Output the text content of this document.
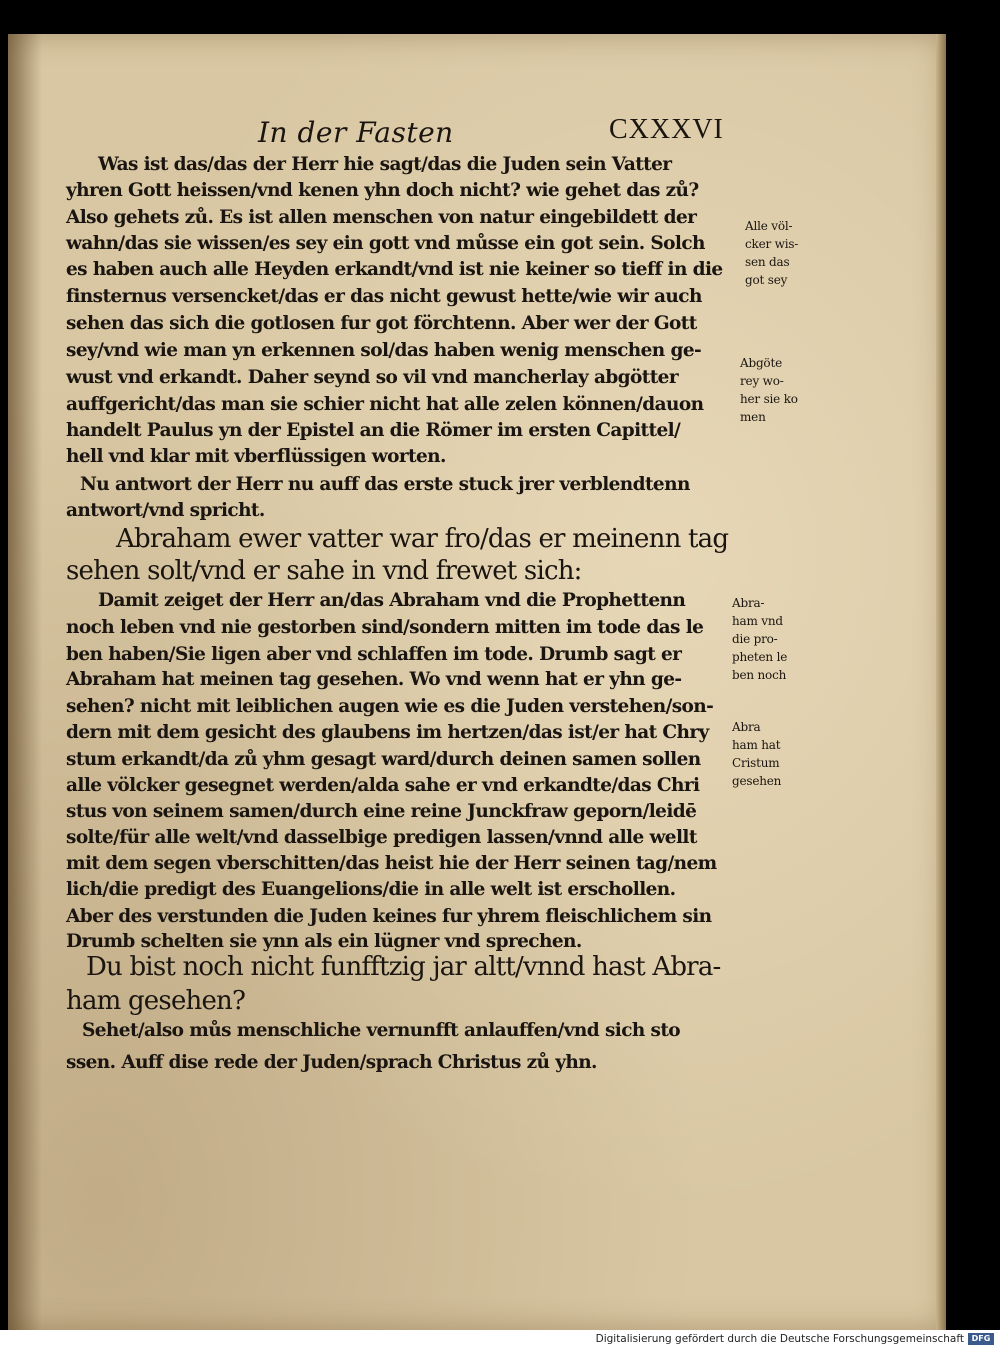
In der Fasten	CXXXVI
Was ist das/das der Herr hie sagt/das die Juden sein Vatter
yhren Gott heissen/vnd kenen yhn doch nicht? wie gehet das zů?
Also gehets zů. Es ist allen menschen von natur eingebildett der
wahn/das sie wissen/es sey ein gott vnd můsse ein got sein. Solch
es haben auch alle Heyden erkandt/vnd ist nie keiner so tieff in die
finsternus versencket/das er das nicht gewust hette/wie wir auch
sehen das sich die gotlosen fur got förchtenn. Aber wer der Gott
sey/vnd wie man yn erkennen sol/das haben wenig menschen ge-
wust vnd erkandt. Daher seynd so vil vnd mancherlay abgötter
auffgericht/das man sie schier nicht hat alle zelen können/dauon
handelt Paulus yn der Epistel an die Römer im ersten Capittel/
hell vnd klar mit vberflüssigen worten.
Nu antwort der Herr nu auff das erste stuck jrer verblendtenn
antwort/vnd spricht.
Abraham ewer vatter war fro/das er meinenn tag
sehen solt/vnd er sahe in vnd frewet sich:
Damit zeiget der Herr an/das Abraham vnd die Prophettenn
noch leben vnd nie gestorben sind/sondern mitten im tode das le
ben haben/Sie ligen aber vnd schlaffen im tode. Drumb sagt er
Abraham hat meinen tag gesehen. Wo vnd wenn hat er yhn ge-
sehen? nicht mit leiblichen augen wie es die Juden verstehen/son-
dern mit dem gesicht des glaubens im hertzen/das ist/er hat Chry
stum erkandt/da zů yhm gesagt ward/durch deinen samen sollen
alle völcker gesegnet werden/alda sahe er vnd erkandte/das Chri
stus von seinem samen/durch eine reine Junckfraw geporn/leidē
solte/für alle welt/vnd dasselbige predigen lassen/vnnd alle wellt
mit dem segen vberschitten/das heist hie der Herr seinen tag/nem
lich/die predigt des Euangelions/die in alle welt ist erschollen.
Aber des verstunden die Juden keines fur yhrem fleischlichem sin
Drumb schelten sie ynn als ein lügner vnd sprechen.
Du bist noch nicht funfftzig jar altt/vnnd hast Abra-
ham gesehen?
Sehet/also můs menschliche vernunfft anlauffen/vnd sich sto
ssen. Auff dise rede der Juden/sprach Christus zů yhn.
Alle völ-
cker wis-
sen das
got sey
Abgöte
rey wo-
her sie ko
men
Abra-
ham vnd
die pro-
pheten le
ben noch
Abra
ham hat
Cristum
gesehen
Digitalisierung gefördert durch die Deutsche Forschungsgemeinschaft DFG
